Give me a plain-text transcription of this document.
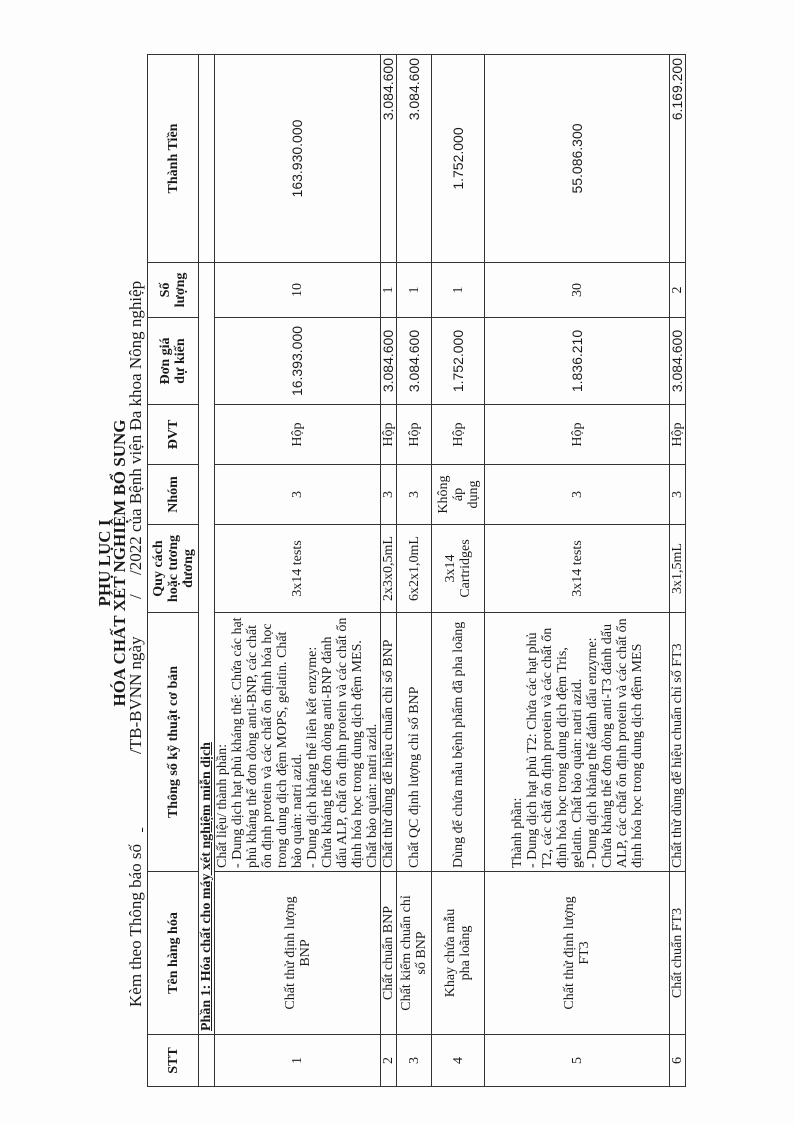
PHỤ LỤC I
HÓA CHẤT XÉT NGHIỆM BỔ SUNG
Kèm theo Thông báo số

/TB-BVNN ngày
/
/2022 của Bệnh viện Đa khoa Nông nghiệp
STT	Tên hàng hóa	Thông số kỹ thuật cơ bản	Quy cách hoặc tương đương	Nhóm	ĐVT	Đơn giá dự kiến	Số lượng	Thành Tiền
	Phần 1: Hóa chất cho máy xét nghiệm miễn dịch							
1	Chất thử định lượng BNP	Chất liệu/ thành phần:
- Dung dịch hạt phủ kháng thể: Chứa các hạt phủ kháng thể đơn dòng anti-BNP, các chất ổn định protein và các chất ổn định hóa học trong dung dịch đệm MOPS, gelatin. Chất bảo quản: natri azid.
- Dung dịch kháng thể liên kết enzyme: Chứa kháng thể đơn dòng anti-BNP đánh dấu ALP, chất ổn định protein và các chất ổn định hóa học trong dung dịch đệm MES. Chất bảo quản: natri azid.	3x14 tests	3	Hộp	16.393.000	10	163.930.000
2	Chất chuẩn BNP	Chất thử dùng để hiệu chuẩn chỉ số BNP	2x3x0,5mL	3	Hộp	3.084.600	1	3.084.600
3	Chất kiểm chuẩn chỉ số BNP	Chất QC định lượng chỉ số BNP	6x2x1,0mL	3	Hộp	3.084.600	1	3.084.600
4	Khay chứa mẫu pha loãng	Dùng để chứa mẫu bệnh phẩm đã pha loãng	3x14 Cartridges	Không áp dụng	Hộp	1.752.000	1	1.752.000
5	Chất thử định lượng FT3	Thành phần:
- Dung dịch hạt phủ T2: Chứa các hạt phủ T2, các chất ổn định protein và các chất ổn định hóa học trong dung dịch đệm Tris, gelatin. Chất bảo quản: natri azid.
- Dung dịch kháng thể đánh dấu enzyme: Chứa kháng thể đơn dòng anti-T3 đánh dấu ALP, các chất ổn định protein và các chất ổn định hóa học trong dung dịch đệm MES	3x14 tests	3	Hộp	1.836.210	30	55.086.300
6	Chất chuẩn FT3	Chất thử dùng để hiệu chuẩn chỉ số FT3	3x1,5mL	3	Hộp	3.084.600	2	6.169.200
